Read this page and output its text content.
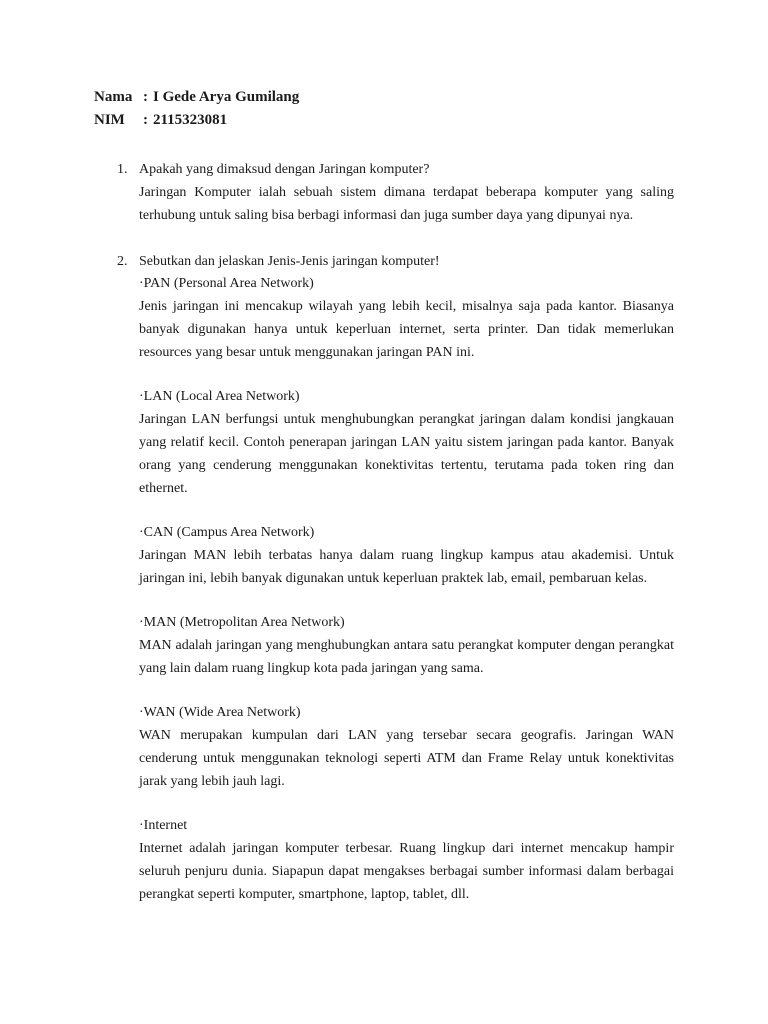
Nama : I Gede Arya Gumilang
NIM	: 2115323081
1. Apakah yang dimaksud dengan Jaringan komputer?

Jaringan Komputer ialah sebuah sistem dimana terdapat beberapa komputer yang saling terhubung untuk saling bisa berbagi informasi dan juga sumber daya yang dipunyai nya.

2. Sebutkan dan jelaskan Jenis-Jenis jaringan komputer!
·PAN (Personal Area Network)

Jenis jaringan ini mencakup wilayah yang lebih kecil, misalnya saja pada kantor. Biasanya banyak digunakan hanya untuk keperluan internet, serta printer. Dan tidak memerlukan resources yang besar untuk menggunakan jaringan PAN ini.

·LAN (Local Area Network)

Jaringan LAN berfungsi untuk menghubungkan perangkat jaringan dalam kondisi jangkauan yang relatif kecil. Contoh penerapan jaringan LAN yaitu sistem jaringan pada kantor. Banyak orang yang cenderung menggunakan konektivitas tertentu, terutama pada token ring dan ethernet.

·CAN (Campus Area Network)

Jaringan MAN lebih terbatas hanya dalam ruang lingkup kampus atau akademisi. Untuk jaringan ini, lebih banyak digunakan untuk keperluan praktek lab, email, pembaruan kelas.

·MAN (Metropolitan Area Network)

MAN adalah jaringan yang menghubungkan antara satu perangkat komputer dengan perangkat yang lain dalam ruang lingkup kota pada jaringan yang sama.

·WAN (Wide Area Network)

WAN merupakan kumpulan dari LAN yang tersebar secara geografis. Jaringan WAN cenderung untuk menggunakan teknologi seperti ATM dan Frame Relay untuk konektivitas jarak yang lebih jauh lagi.

·Internet

Internet adalah jaringan komputer terbesar. Ruang lingkup dari internet mencakup hampir seluruh penjuru dunia. Siapapun dapat mengakses berbagai sumber informasi dalam berbagai perangkat seperti komputer, smartphone, laptop, tablet, dll.
